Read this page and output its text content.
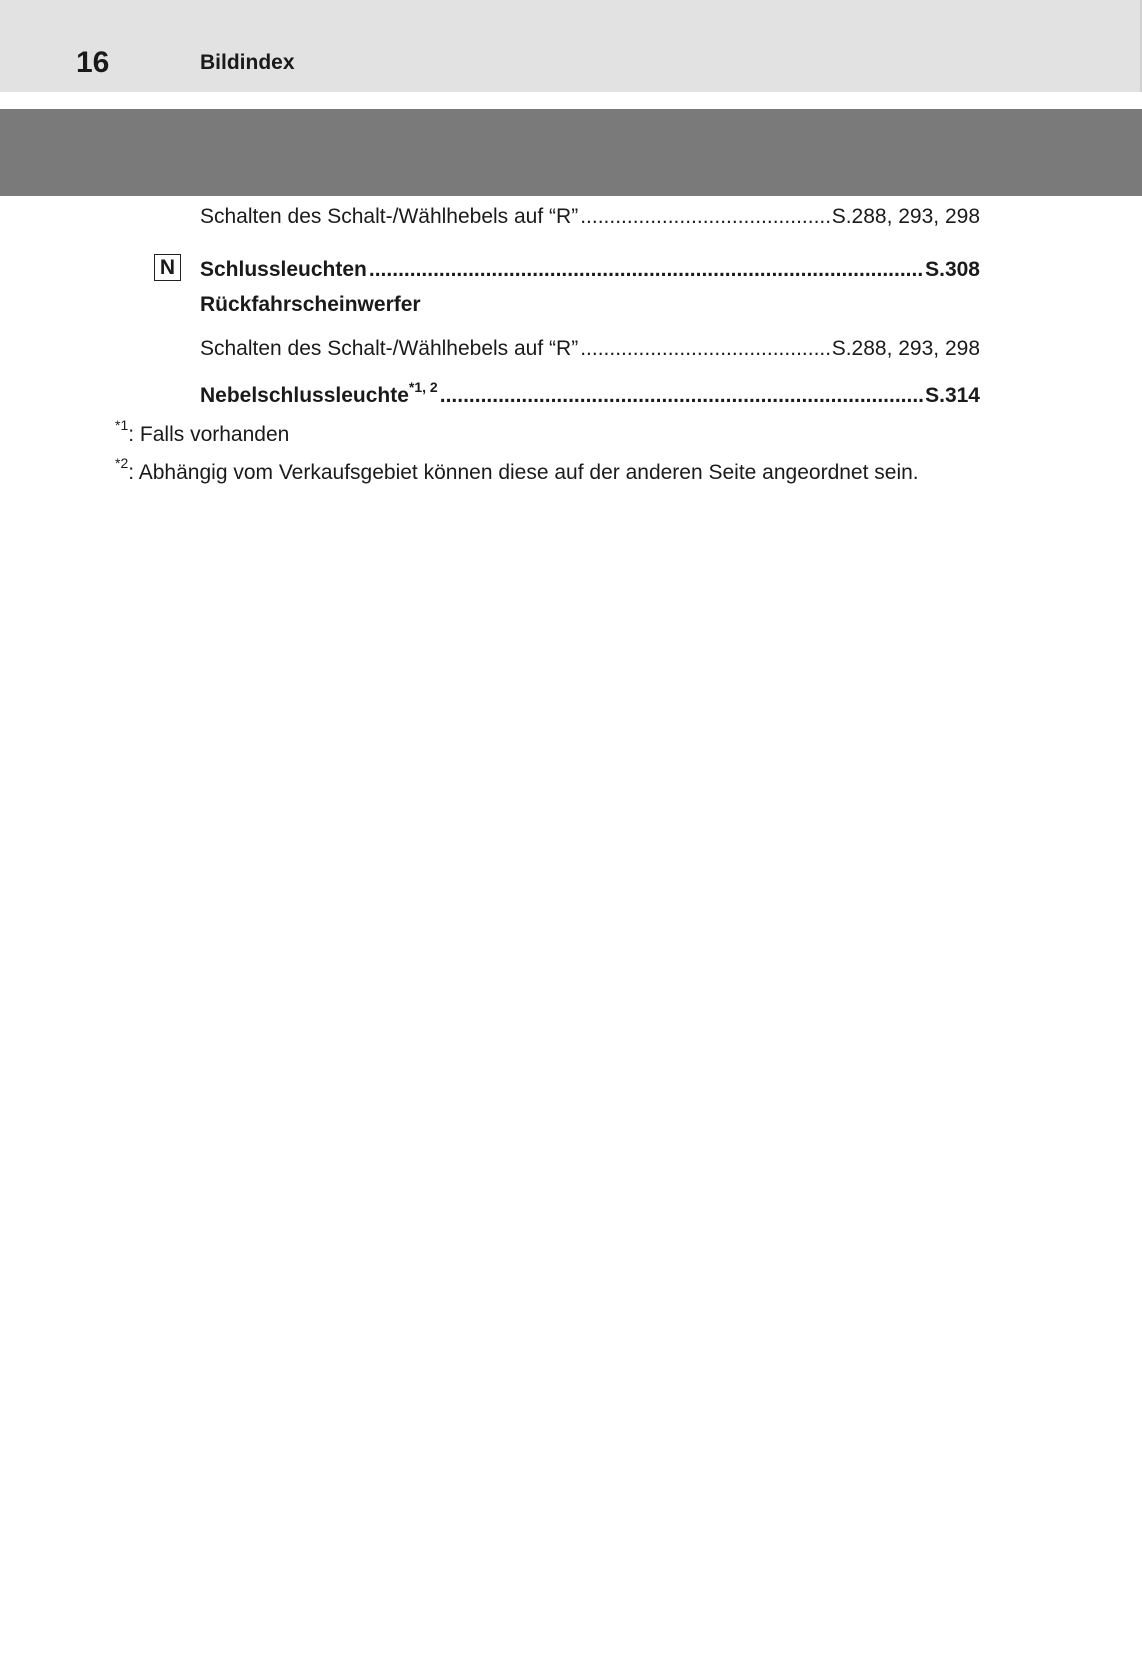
16	Bildindex
Schalten des Schalt-/Wählhebels auf “R” .....	S.288, 293, 298
N Schlussleuchten .....	S.308
Rückfahrscheinwerfer
Schalten des Schalt-/Wählhebels auf “R” .....	S.288, 293, 298
Nebelschlussleuchte$^{*1, 2}$ .....	S.314
$^{*1}$: Falls vorhanden
$^{*2}$: Abhängig vom Verkaufsgebiet können diese auf der anderen Seite angeordnet sein.
